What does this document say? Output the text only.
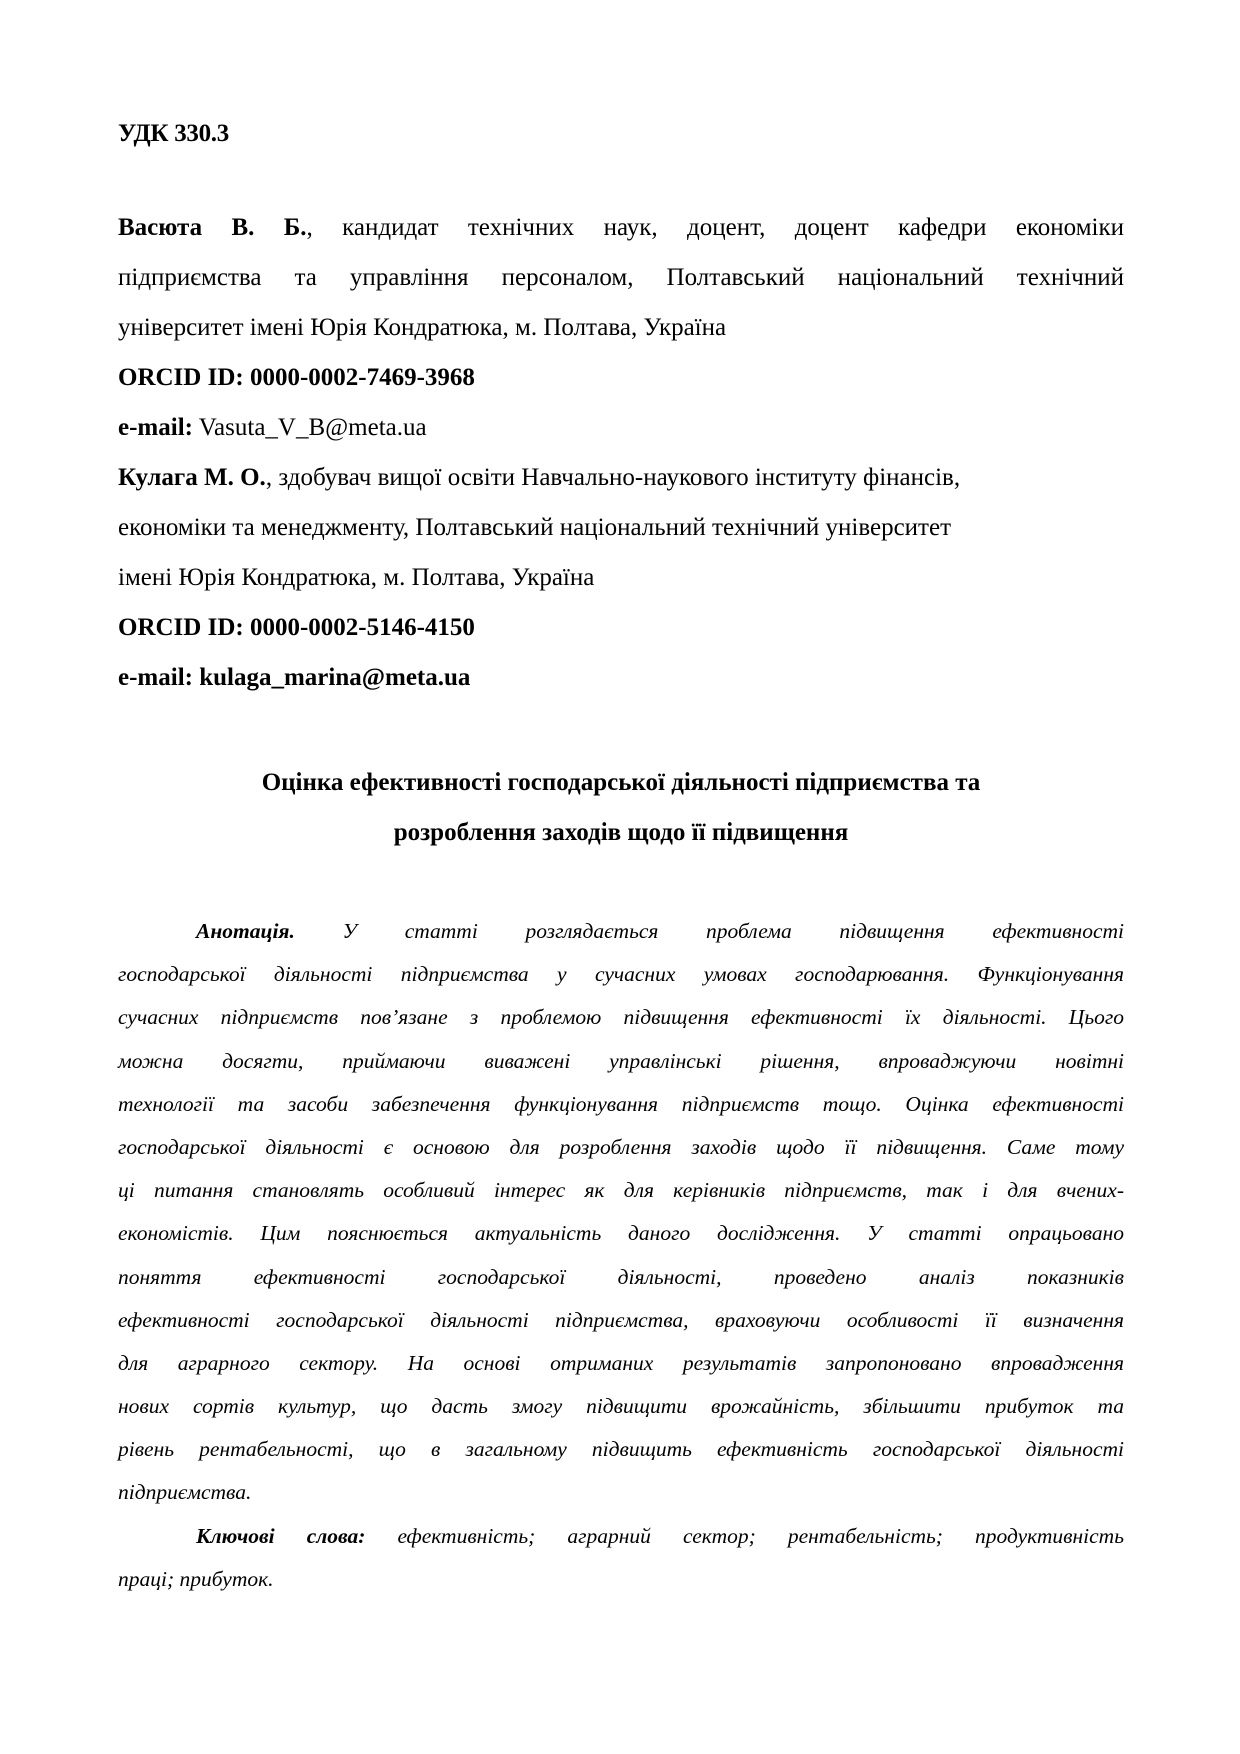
УДК 330.3
Васюта В. Б., кандидат технічних наук, доцент, доцент кафедри економіки
підприємства та управління персоналом, Полтавський національний технічний
університет імені Юрія Кондратюка, м. Полтава, Україна
ORCID ID: 0000-0002-7469-3968
e-mail: Vasuta_V_B@meta.ua
Кулага М. О., здобувач вищої освіти Навчально-наукового інституту фінансів,
економіки та менеджменту, Полтавський національний технічний університет
імені Юрія Кондратюка, м. Полтава, Україна
ORCID ID: 0000-0002-5146-4150
e-mail: kulaga_marina@meta.ua
Оцінка ефективності господарської діяльності підприємства та
розроблення заходів щодо її підвищення
Анотація. У статті розглядається проблема підвищення ефективності
господарської діяльності підприємства у сучасних умовах господарювання. Функціонування
сучасних підприємств пов’язане з проблемою підвищення ефективності їх діяльності. Цього
можна досягти, приймаючи виважені управлінські рішення, впроваджуючи новітні
технології та засоби забезпечення функціонування підприємств тощо. Оцінка ефективності
господарської діяльності є основою для розроблення заходів щодо її підвищення. Саме тому
ці питання становлять особливий інтерес як для керівників підприємств, так і для вчених-
економістів. Цим пояснюється актуальність даного дослідження. У статті опрацьовано
поняття ефективності господарської діяльності, проведено аналіз показників
ефективності господарської діяльності підприємства, враховуючи особливості її визначення
для аграрного сектору. На основі отриманих результатів запропоновано впровадження
нових сортів культур, що дасть змогу підвищити врожайність, збільшити прибуток та
рівень рентабельності, що в загальному підвищить ефективність господарської діяльності
підприємства.
Ключові слова: ефективність; аграрний сектор; рентабельність; продуктивність
праці; прибуток.
